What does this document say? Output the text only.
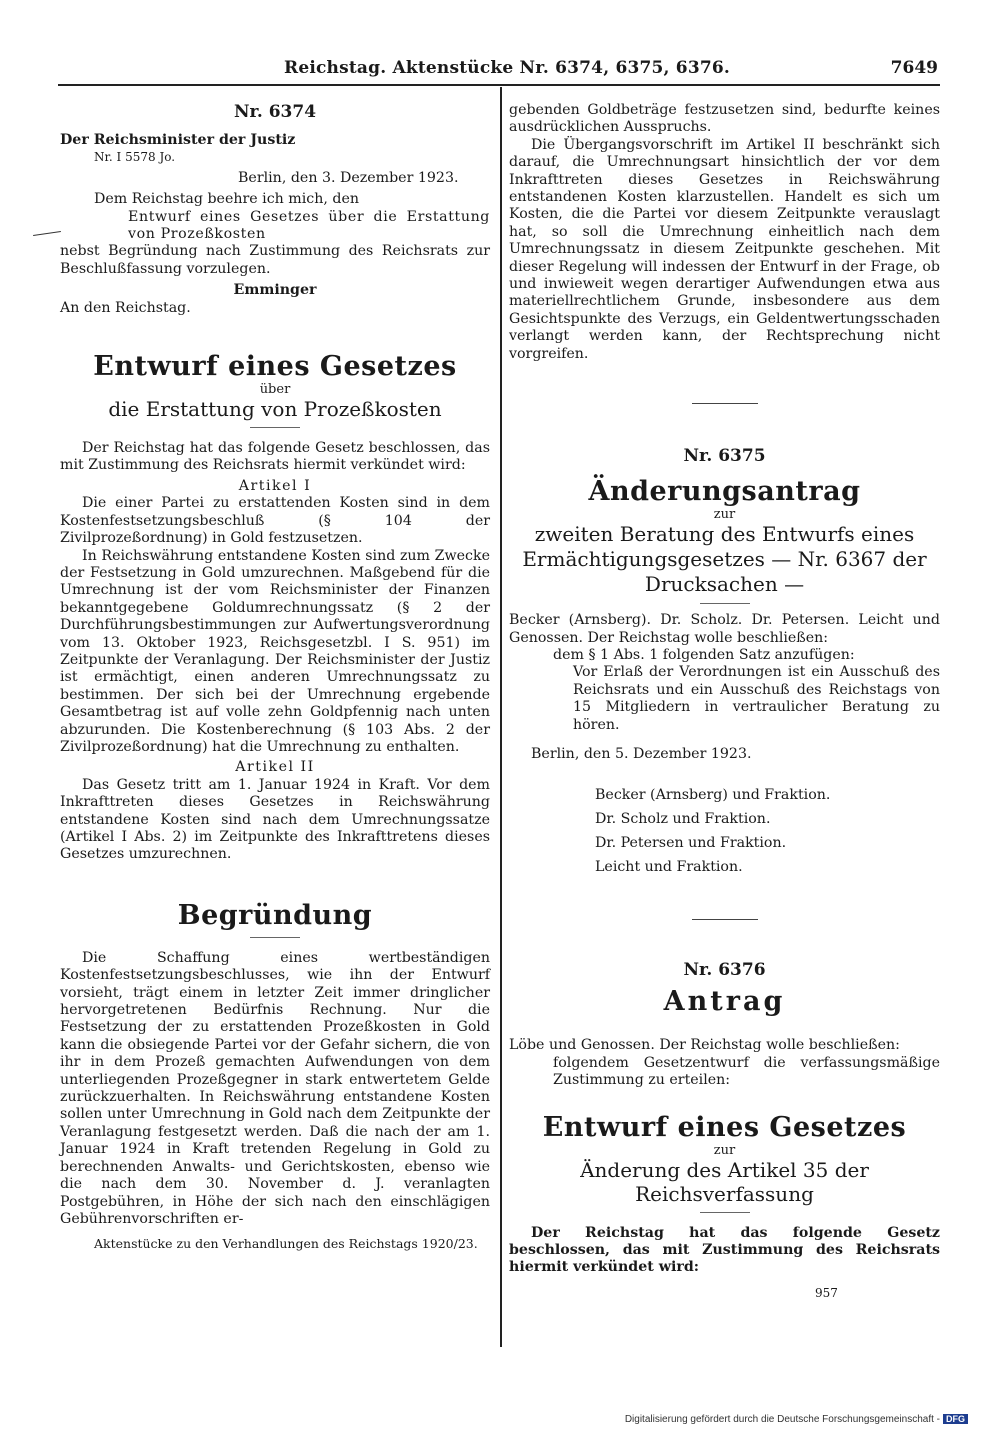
Reichstag. Aktenstücke Nr. 6374, 6375, 6376.	7649

Nr. 6374

Der Reichsminister der Justiz

Nr. I 5578 Jo.

Berlin, den 3. Dezember 1923.

Dem Reichstag beehre ich mich, den

Entwurf eines Gesetzes über die Erstattung von Prozeßkosten

nebst Begründung nach Zustimmung des Reichsrats zur Beschlußfassung vorzulegen.

Emminger

An den Reichstag.

Entwurf eines Gesetzes

über

die Erstattung von Prozeßkosten

Der Reichstag hat das folgende Gesetz beschlossen, das mit Zustimmung des Reichsrats hiermit verkündet wird:

Artikel I

Die einer Partei zu erstattenden Kosten sind in dem Kostenfestsetzungsbeschluß (§ 104 der Zivilprozeßordnung) in Gold festzusetzen.

In Reichswährung entstandene Kosten sind zum Zwecke der Festsetzung in Gold umzurechnen. Maßgebend für die Umrechnung ist der vom Reichsminister der Finanzen bekanntgegebene Goldumrechnungssatz (§ 2 der Durchführungsbestimmungen zur Aufwertungsverordnung vom 13. Oktober 1923, Reichsgesetzbl. I S. 951) im Zeitpunkte der Veranlagung. Der Reichsminister der Justiz ist ermächtigt, einen anderen Umrechnungssatz zu bestimmen. Der sich bei der Umrechnung ergebende Gesamtbetrag ist auf volle zehn Goldpfennig nach unten abzurunden. Die Kostenberechnung (§ 103 Abs. 2 der Zivilprozeßordnung) hat die Umrechnung zu enthalten.

Artikel II

Das Gesetz tritt am 1. Januar 1924 in Kraft. Vor dem Inkrafttreten dieses Gesetzes in Reichswährung entstandene Kosten sind nach dem Umrechnungssatze (Artikel I Abs. 2) im Zeitpunkte des Inkrafttretens dieses Gesetzes umzurechnen.

Begründung

Die Schaffung eines wertbeständigen Kostenfestsetzungsbeschlusses, wie ihn der Entwurf vorsieht, trägt einem in letzter Zeit immer dringlicher hervorgetretenen Bedürfnis Rechnung. Nur die Festsetzung der zu erstattenden Prozeßkosten in Gold kann die obsiegende Partei vor der Gefahr sichern, die von ihr in dem Prozeß gemachten Aufwendungen von dem unterliegenden Prozeßgegner in stark entwertetem Gelde zurückzuerhalten. In Reichswährung entstandene Kosten sollen unter Umrechnung in Gold nach dem Zeitpunkte der Veranlagung festgesetzt werden. Daß die nach der am 1. Januar 1924 in Kraft tretenden Regelung in Gold zu berechnenden Anwalts- und Gerichtskosten, ebenso wie die nach dem 30. November d. J. veranlagten Postgebühren, in Höhe der sich nach den einschlägigen Gebührenvorschriften er-

Aktenstücke zu den Verhandlungen des Reichstags 1920/23.

gebenden Goldbeträge festzusetzen sind, bedurfte keines ausdrücklichen Ausspruchs.

Die Übergangsvorschrift im Artikel II beschränkt sich darauf, die Umrechnungsart hinsichtlich der vor dem Inkrafttreten dieses Gesetzes in Reichswährung entstandenen Kosten klarzustellen. Handelt es sich um Kosten, die die Partei vor diesem Zeitpunkte verauslagt hat, so soll die Umrechnung einheitlich nach dem Umrechnungssatz in diesem Zeitpunkte geschehen. Mit dieser Regelung will indessen der Entwurf in der Frage, ob und inwieweit wegen derartiger Aufwendungen etwa aus materiellrechtlichem Grunde, insbesondere aus dem Gesichtspunkte des Verzugs, ein Geldentwertungsschaden verlangt werden kann, der Rechtsprechung nicht vorgreifen.

Nr. 6375

Änderungsantrag

zur

zweiten Beratung des Entwurfs eines Ermächtigungsgesetzes — Nr. 6367 der Drucksachen —

Becker (Arnsberg). Dr. Scholz. Dr. Petersen. Leicht und Genossen. Der Reichstag wolle beschließen:

dem § 1 Abs. 1 folgenden Satz anzufügen:

Vor Erlaß der Verordnungen ist ein Ausschuß des Reichsrats und ein Ausschuß des Reichstags von 15 Mitgliedern in vertraulicher Beratung zu hören.

Berlin, den 5. Dezember 1923.

Becker (Arnsberg) und Fraktion.

Dr. Scholz und Fraktion.

Dr. Petersen und Fraktion.

Leicht und Fraktion.

Nr. 6376

Antrag

Löbe und Genossen. Der Reichstag wolle beschließen:

folgendem Gesetzentwurf die verfassungsmäßige Zustimmung zu erteilen:

Entwurf eines Gesetzes

zur

Änderung des Artikel 35 der Reichsverfassung

Der Reichstag hat das folgende Gesetz beschlossen, das mit Zustimmung des Reichsrats hiermit verkündet wird:

957

Digitalisierung gefördert durch die Deutsche Forschungsgemeinschaft - DFG
